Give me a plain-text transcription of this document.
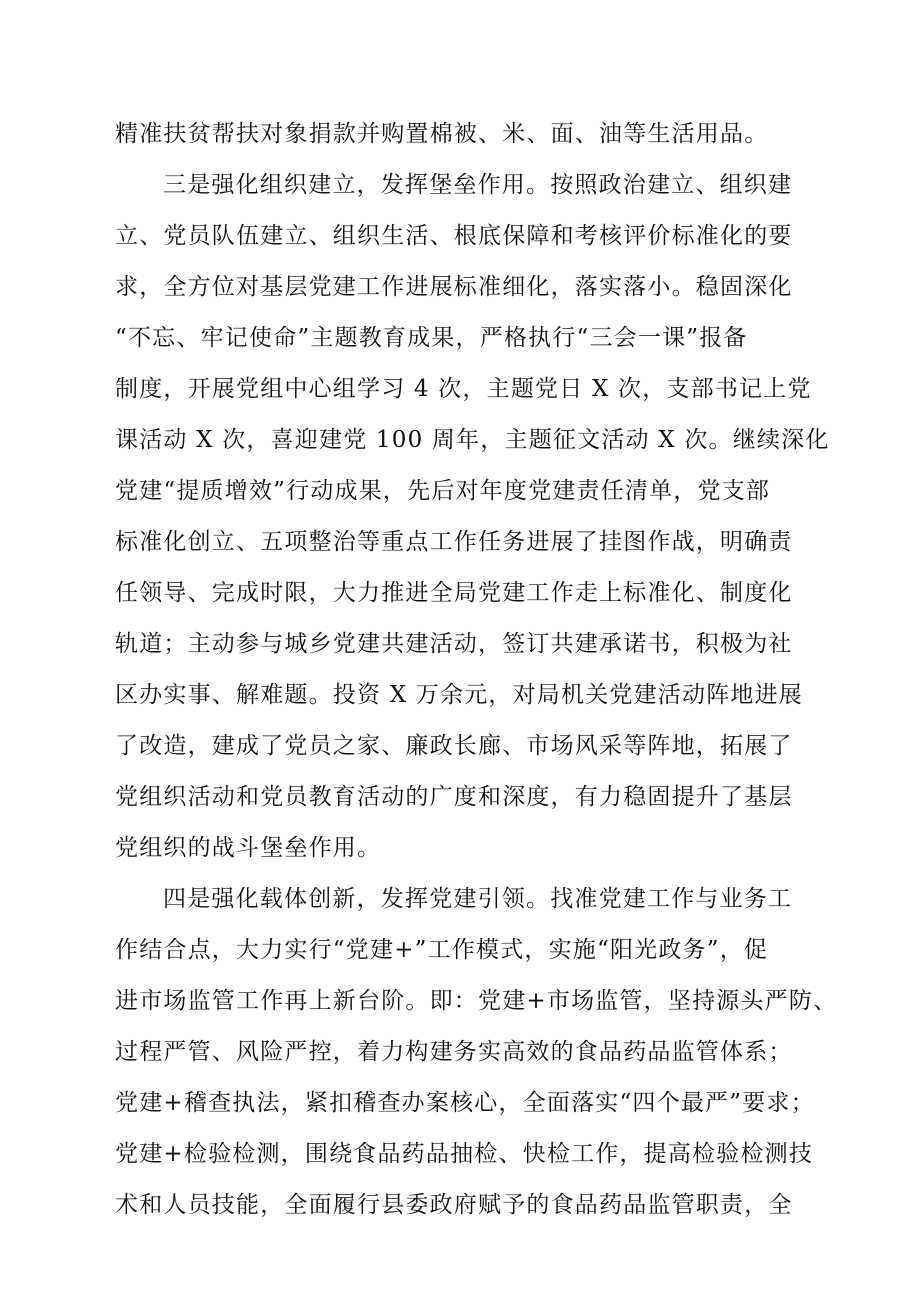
精准扶贫帮扶对象捐款并购置棉被、米、面、油等生活用品。
三是强化组织建立，发挥堡垒作用。按照政治建立、组织建
立、党员队伍建立、组织生活、根底保障和考核评价标准化的要
求，全方位对基层党建工作进展标准细化，落实落小。稳固深化
“不忘、牢记使命”主题教育成果，严格执行“三会一课”报备
制度，开展党组中心组学习 4 次，主题党日 X 次，支部书记上党
课活动 X 次，喜迎建党 100 周年，主题征文活动 X 次。继续深化
党建“提质增效”行动成果，先后对年度党建责任清单，党支部
标准化创立、五项整治等重点工作任务进展了挂图作战，明确责
任领导、完成时限，大力推进全局党建工作走上标准化、制度化
轨道；主动参与城乡党建共建活动，签订共建承诺书，积极为社
区办实事、解难题。投资 X 万余元，对局机关党建活动阵地进展
了改造，建成了党员之家、廉政长廊、市场风采等阵地，拓展了
党组织活动和党员教育活动的广度和深度，有力稳固提升了基层
党组织的战斗堡垒作用。
四是强化载体创新，发挥党建引领。找准党建工作与业务工
作结合点，大力实行“党建+”工作模式，实施“阳光政务”，促
进市场监管工作再上新台阶。即：党建+市场监管，坚持源头严防、
过程严管、风险严控，着力构建务实高效的食品药品监管体系；
党建+稽查执法，紧扣稽查办案核心，全面落实“四个最严”要求；
党建+检验检测，围绕食品药品抽检、快检工作，提高检验检测技
术和人员技能，全面履行县委政府赋予的食品药品监管职责，全
